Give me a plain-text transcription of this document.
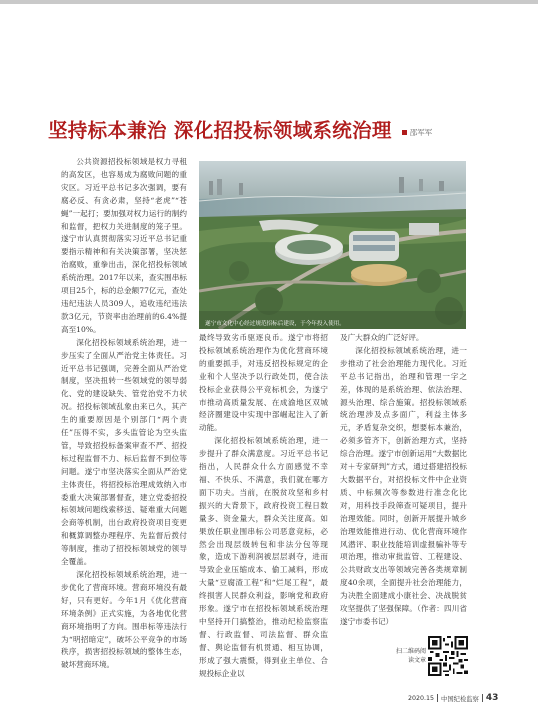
坚持标本兼治 深化招投标领域系统治理 邵军军

公共资源招投标领域是权力寻租的高发区，也容易成为腐败问题的重灾区。习近平总书记多次强调，要有腐必反、有贪必肃，坚持“老虎”“苍蝇”一起打；要加强对权力运行的制约和监督，把权力关进制度的笼子里。遂宁市认真贯彻落实习近平总书记重要指示精神和有关决策部署，坚决惩治腐败，重拳出击，深化招投标领域系统治理。2017年以来，查实围串标项目25个，标的总金额77亿元，查处违纪违法人员309人，追收违纪违法款3亿元，节资率由治理前的6.4%提高至10%。

深化招投标领域系统治理，进一步压实了全面从严治党主体责任。习近平总书记强调，完善全面从严治党制度，坚决扭转一些领域党的领导弱化、党的建设缺失、管党治党不力状况。招投标领域乱象由来已久，其产生的重要原因是个别部门“两个责任”压得不实，多头监管论为空头监管，导致招投标备案审查不严、招投标过程监督不力、标后监督不到位等问题。遂宁市坚决落实全面从严治党主体责任，将招投标治理成效纳入市委重大决策部署督查，建立党委招投标领域问题线索移送、疑难重大问题会商等机制，出台政府投资项目变更和概算调整办理程序、先监督后拨付等制度，推动了招投标领域党的领导全覆盖。

深化招投标领域系统治理，进一步优化了营商环境。营商环境没有最好，只有更好。今年1月《优化营商环境条例》正式实施，为各地优化营商环境指明了方向。围串标等违法行为“明招暗定”，破坏公平竞争的市场秩序，损害招投标领域的整体生态，破坏营商环境。

遂宁市文化中心经过规范招标后建设，于今年投入使用。

最终导致劣币驱逐良币。遂宁市将招投标领域系统治理作为优化营商环境的重要抓手，对违反招投标规定的企业和个人坚决予以行政处罚，使合法投标企业获得公平竞标机会，为遂宁市推动高质量发展、在成渝地区双城经济圈建设中实现中部崛起注入了新动能。

深化招投标领域系统治理，进一步提升了群众满意度。习近平总书记指出，人民群众什么方面感觉不幸福、不快乐、不满意，我们就在哪方面下功夫。当前，在脱贫攻坚和乡村振兴的大背景下，政府投资工程日数量多、资金量大，群众关注度高。如果放任职业围串标公司恶意竞标，必然会出现层级转包和非法分包等现象，造成下游利润被层层剥夺，进而导致企业压缩成本、偷工减料，形成大量“豆腐渣工程”和“烂尾工程”，最终损害人民群众利益，影响党和政府形象。遂宁市在招投标领域系统治理中坚持开门搞整治，推动纪检监察监督、行政监督、司法监督、群众监督、舆论监督有机贯通、相互协调，形成了强大震慑，得到业主单位、合规投标企业以

及广大群众的广泛好评。

深化招投标领域系统治理，进一步推动了社会治理能力现代化。习近平总书记指出，治理和管理一字之差，体现的是系统治理、依法治理、源头治理、综合施策。招投标领域系统治理涉及点多面广，利益主体多元，矛盾复杂交织，想要标本兼治，必须多管齐下，创新治理方式，坚持综合治理。遂宁市创新运用“大数据比对＋专家研判”方式，通过搭建招投标大数据平台，对招投标文件中企业资质、中标频次等参数进行准念化比对，用科技手段筛查可疑项目，提升治理效能。同时，创新开展提升城乡治理效能推进行动、优化营商环境作风潜评、职业技能培训虚报骗补等专项治理，推动审批监管、工程建设、公共财政支出等领域完善各类规章制度40余项，全面提升社会治理能力，为决胜全面建成小康社会、决战脱贫攻坚提供了坚强保障。（作者：四川省遂宁市委书记）

扫二维码阅读文章
2020.15 中国纪检监察 43
